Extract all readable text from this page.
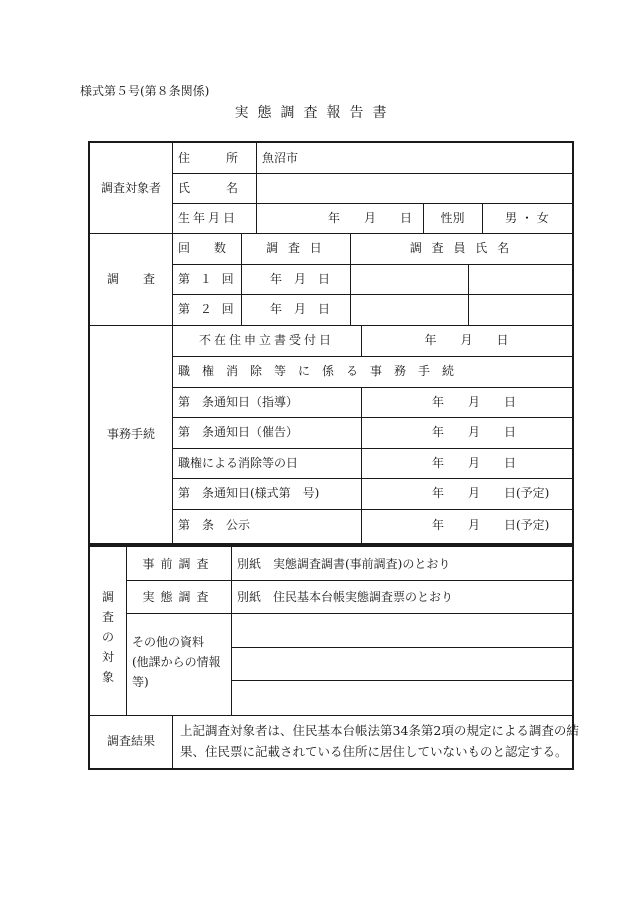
様式第５号(第８条関係)
実態調査報告書
調査対象者
住　　　所 魚沼市
氏　　　名
生年月日	年　　月　　日	性別	男 ・ 女
調　　査
回　　数	調 査 日	調 査 員 氏 名
第 １ 回	年　月　日
第 ２ 回	年　月　日
事務手続
不在住申立書受付日	年　　月　　日
職権消除等に係る事務手続
第　条通知日（指導）	年　　月　　日
第　条通知日（催告）	年　　月　　日
職権による消除等の日	年　　月　　日
第　条通知日(様式第　号)	年　　月　　日(予定)
第　条　公示	年　　月　　日(予定)
調
査
の
対
象
事前調査	別紙　実態調査調書(事前調査)のとおり
実態調査	別紙　住民基本台帳実態調査票のとおり
その他の資料
(他課からの情報
等)
調査結果
上記調査対象者は、住民基本台帳法第34条第2項の規定による調査の結
果、住民票に記載されている住所に居住していないものと認定する。
